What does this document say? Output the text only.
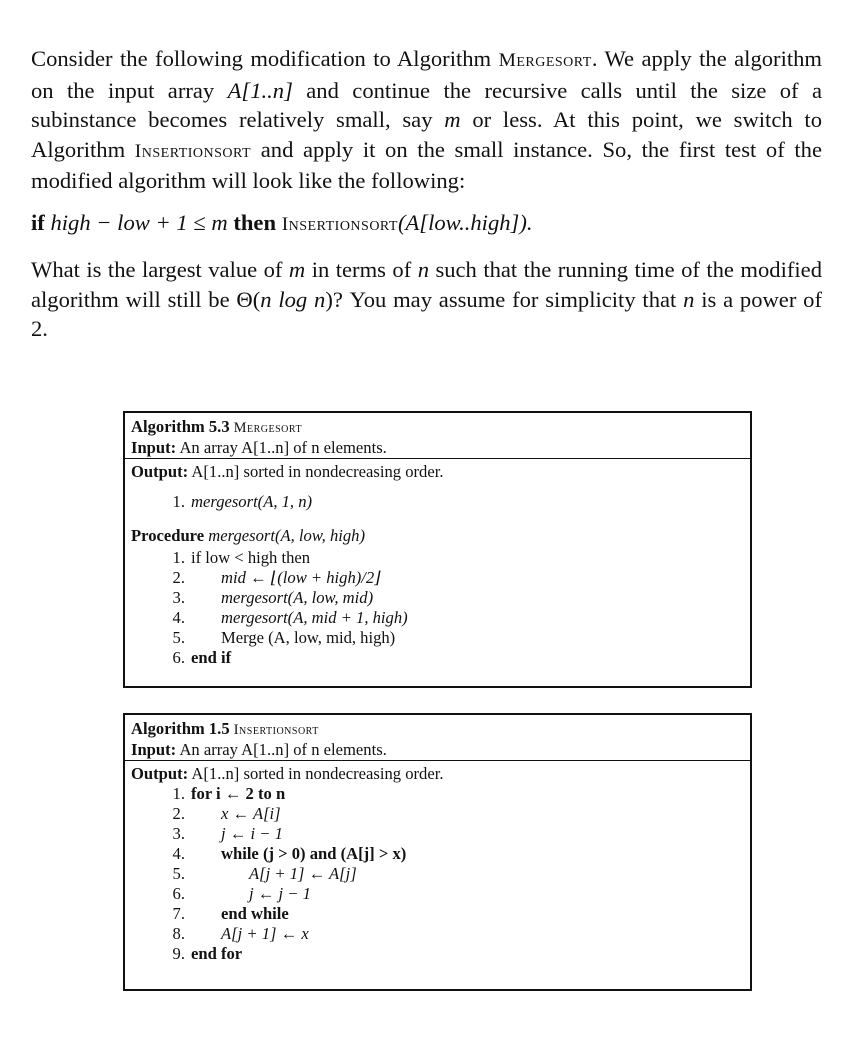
Consider the following modification to Algorithm Mergesort. We apply the algorithm on the input array A[1..n] and continue the recursive calls until the size of a subinstance becomes relatively small, say m or less. At this point, we switch to Algorithm Insertionsort and apply it on the small instance. So, the first test of the modified algorithm will look like the following:

if high − low + 1 ≤ m then Insertionsort(A[low..high]).

What is the largest value of m in terms of n such that the running time of the modified algorithm will still be Θ(n log n)? You may assume for simplicity that n is a power of 2.

Algorithm 5.3 Mergesort
Input: An array A[1..n] of n elements.
Output: A[1..n] sorted in nondecreasing order.
1. mergesort(A, 1, n)
Procedure mergesort(A, low, high)
1. if low < high then
2. mid ← ⌊(low + high)/2⌋
3. mergesort(A, low, mid)
4. mergesort(A, mid + 1, high)
5. Merge (A, low, mid, high)
6. end if
Algorithm 1.5 Insertionsort
Input: An array A[1..n] of n elements.
Output: A[1..n] sorted in nondecreasing order.
1. for i ← 2 to n
2. x ← A[i]
3. j ← i − 1
4. while (j > 0) and (A[j] > x)
5.	A[j + 1] ← A[j]
6.	j ← j − 1
7. end while
8. A[j + 1] ← x
9. end for
